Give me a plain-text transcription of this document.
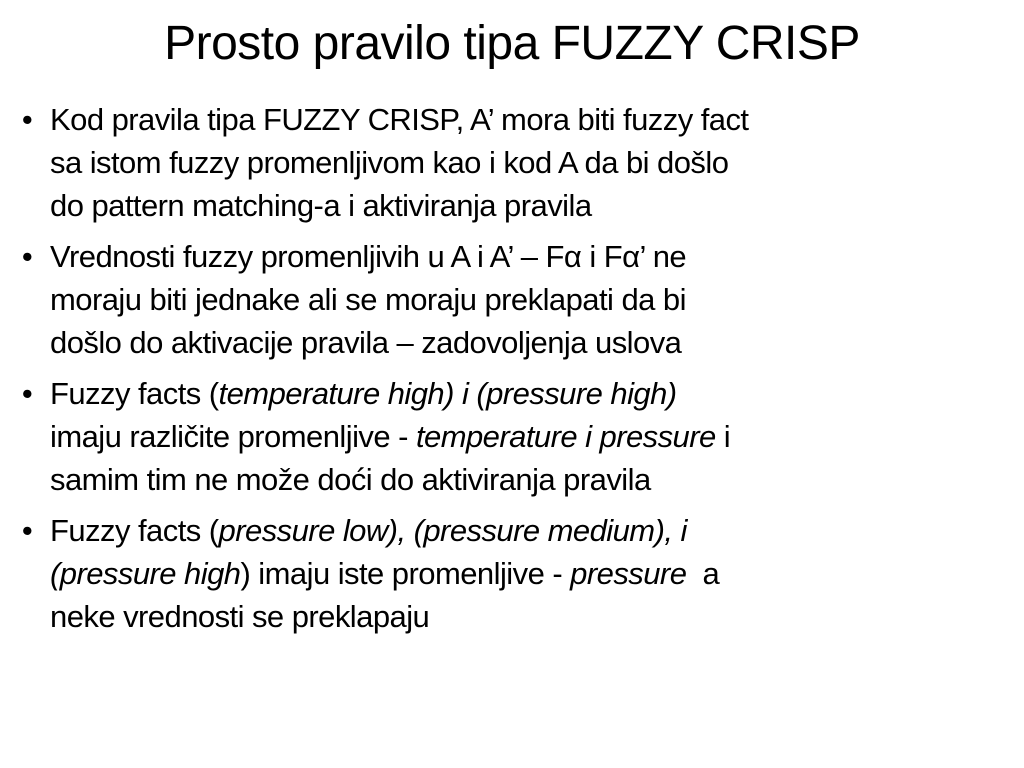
Prosto pravilo tipa FUZZY CRISP
• Kod pravila tipa FUZZY CRISP, A’ mora biti fuzzy fact
sa istom fuzzy promenljivom kao i kod A da bi došlo
do pattern matching-a i aktiviranja pravila
• Vrednosti fuzzy promenljivih u A i A’ – Fα i Fα’ ne
moraju biti jednake ali se moraju preklapati da bi
došlo do aktivacije pravila – zadovoljenja uslova
• Fuzzy facts (temperature high) i (pressure high)
imaju različite promenljive - temperature i pressure i
samim tim ne može doći do aktiviranja pravila
• Fuzzy facts (pressure low), (pressure medium), i
(pressure high) imaju iste promenljive - pressure  a
neke vrednosti se preklapaju
